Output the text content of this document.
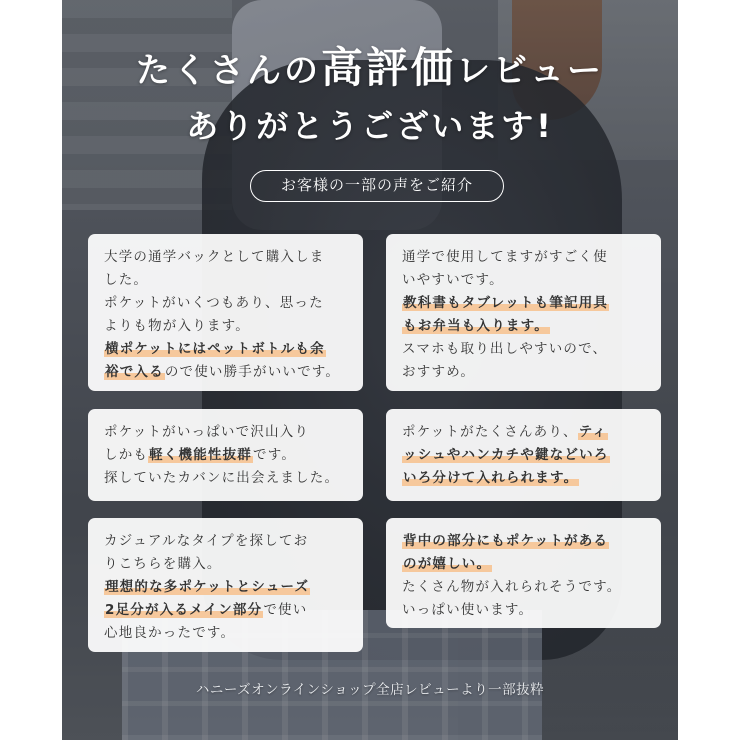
たくさんの高評価レビュー
ありがとうございます!
お客様の一部の声をご紹介
大学の通学バックとして購入しま
した。
ポケットがいくつもあり、思った
よりも物が入ります。
横ポケットにはペットボトルも余
裕で入るので使い勝手がいいです。
通学で使用してますがすごく使
いやすいです。
教科書もタブレットも筆記用具
もお弁当も入ります。
スマホも取り出しやすいので、
おすすめ。
ポケットがいっぱいで沢山入り
しかも軽く機能性抜群です。
探していたカバンに出会えました。
ポケットがたくさんあり、ティ
ッシュやハンカチや鍵などいろ
いろ分けて入れられます。
カジュアルなタイプを探してお
りこちらを購入。
理想的な多ポケットとシューズ
2足分が入るメイン部分で使い
心地良かったです。
背中の部分にもポケットがある
のが嬉しい。
たくさん物が入れられそうです。
いっぱい使います。
ハニーズオンラインショップ全店レビューより一部抜粋
